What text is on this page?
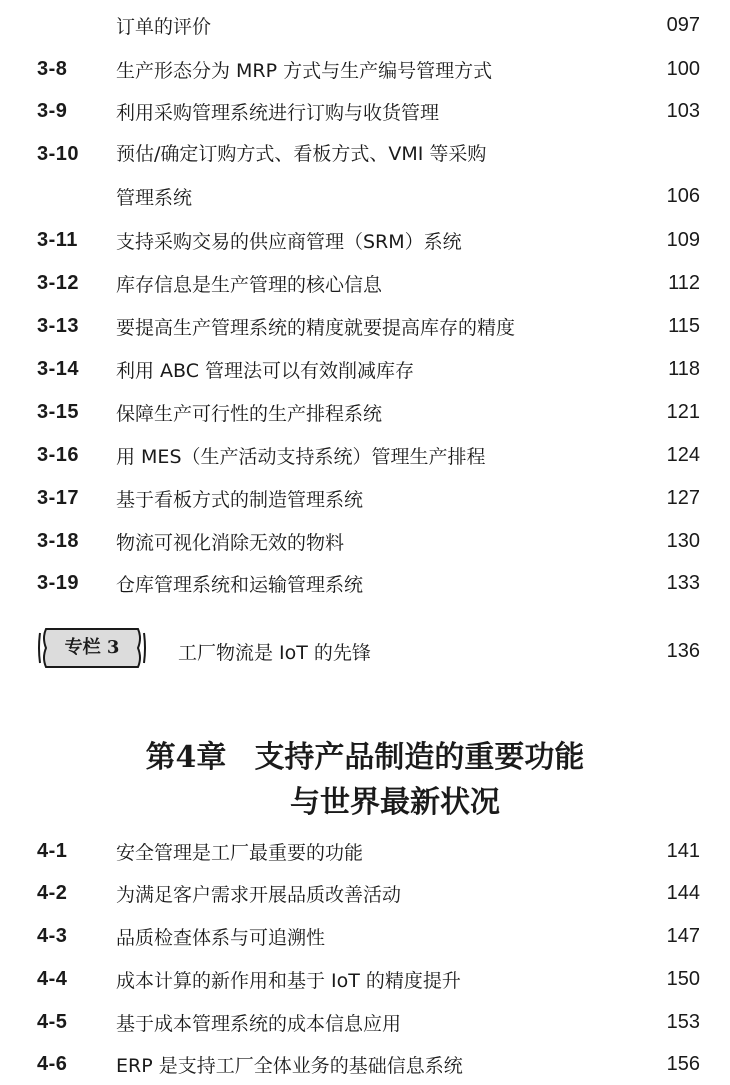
订单的评价	097
3-8	生产形态分为 MRP 方式与生产编号管理方式	100
3-9	利用采购管理系统进行订购与收货管理	103
3-10 预估/确定订购方式、看板方式、VMI 等采购
管理系统	106
3-11 支持采购交易的供应商管理（SRM）系统	109
3-12 库存信息是生产管理的核心信息	112
3-13 要提高生产管理系统的精度就要提高库存的精度	115
3-14 利用 ABC 管理法可以有效削减库存	118
3-15 保障生产可行性的生产排程系统	121
3-16 用 MES（生产活动支持系统）管理生产排程	124
3-17 基于看板方式的制造管理系统	127
3-18 物流可视化消除无效的物料	130
3-19 仓库管理系统和运输管理系统	133
专栏 3	工厂物流是 IoT 的先锋	136
第4章 支持产品制造的重要功能
与世界最新状况
4-1	安全管理是工厂最重要的功能	141
4-2	为满足客户需求开展品质改善活动	144
4-3	品质检查体系与可追溯性	147
4-4	成本计算的新作用和基于 IoT 的精度提升	150
4-5	基于成本管理系统的成本信息应用	153
4-6	ERP 是支持工厂全体业务的基础信息系统	156
